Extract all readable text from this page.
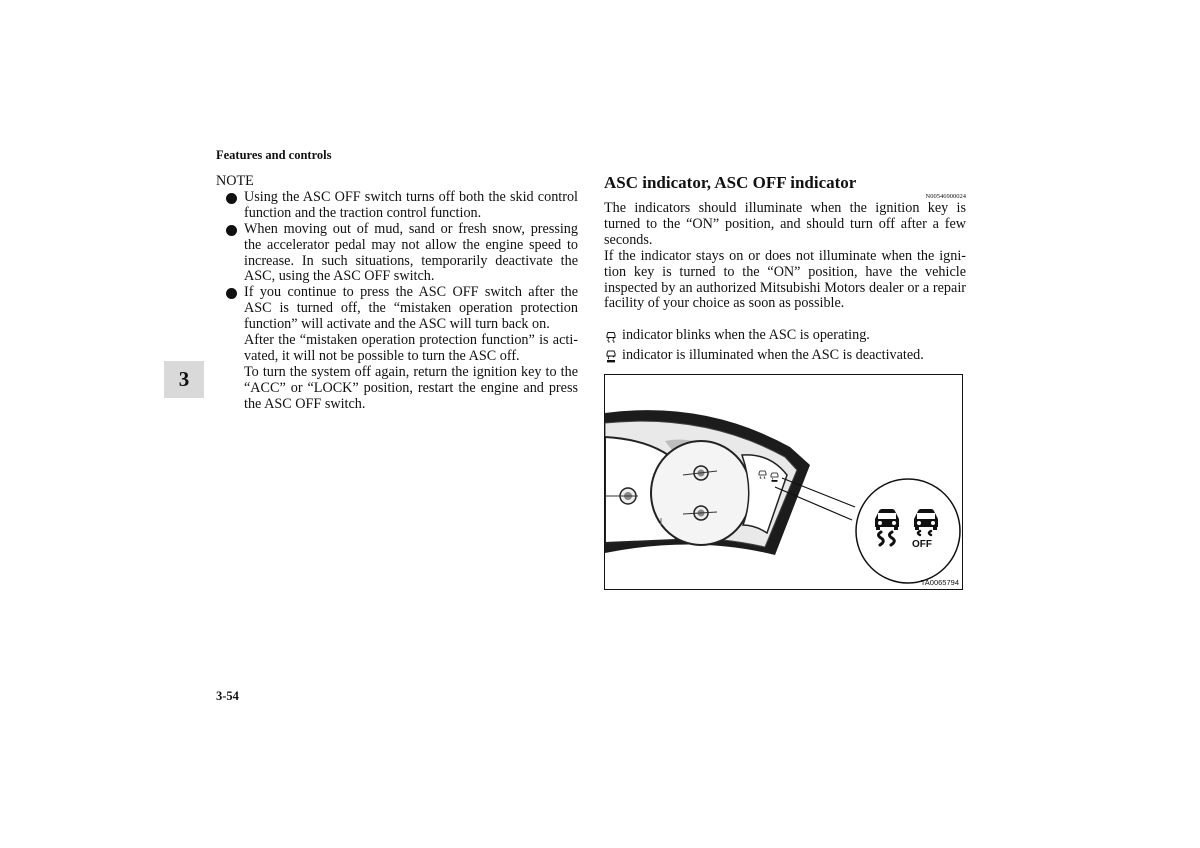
Features and controls
3
NOTE

Using the ASC OFF switch turns off both the skid control function and the traction control function.

When moving out of mud, sand or fresh snow, pressing the accelerator pedal may not allow the engine speed to increase. In such situations, temporarily deactivate the ASC, using the ASC OFF switch.

If you continue to press the ASC OFF switch after the ASC is turned off, the “mistaken operation protection function” will activate and the ASC will turn back on.

After the “mistaken operation protection function” is acti-vated, it will not be possible to turn the ASC off.

To turn the system off again, return the ignition key to the “ACC” or “LOCK” position, restart the engine and press the ASC OFF switch.

ASC indicator, ASC OFF indicator
N00546900024

The indicators should illuminate when the ignition key is turned to the “ON” position, and should turn off after a few seconds.

If the indicator stays on or does not illuminate when the igni-tion key is turned to the “ON” position, have the vehicle inspected by an authorized Mitsubishi Motors dealer or a repair facility of your choice as soon as possible.

indicator blinks when the ASC is operating.
indicator is illuminated when the ASC is deactivated.
OFF
TA0065794
3-54
